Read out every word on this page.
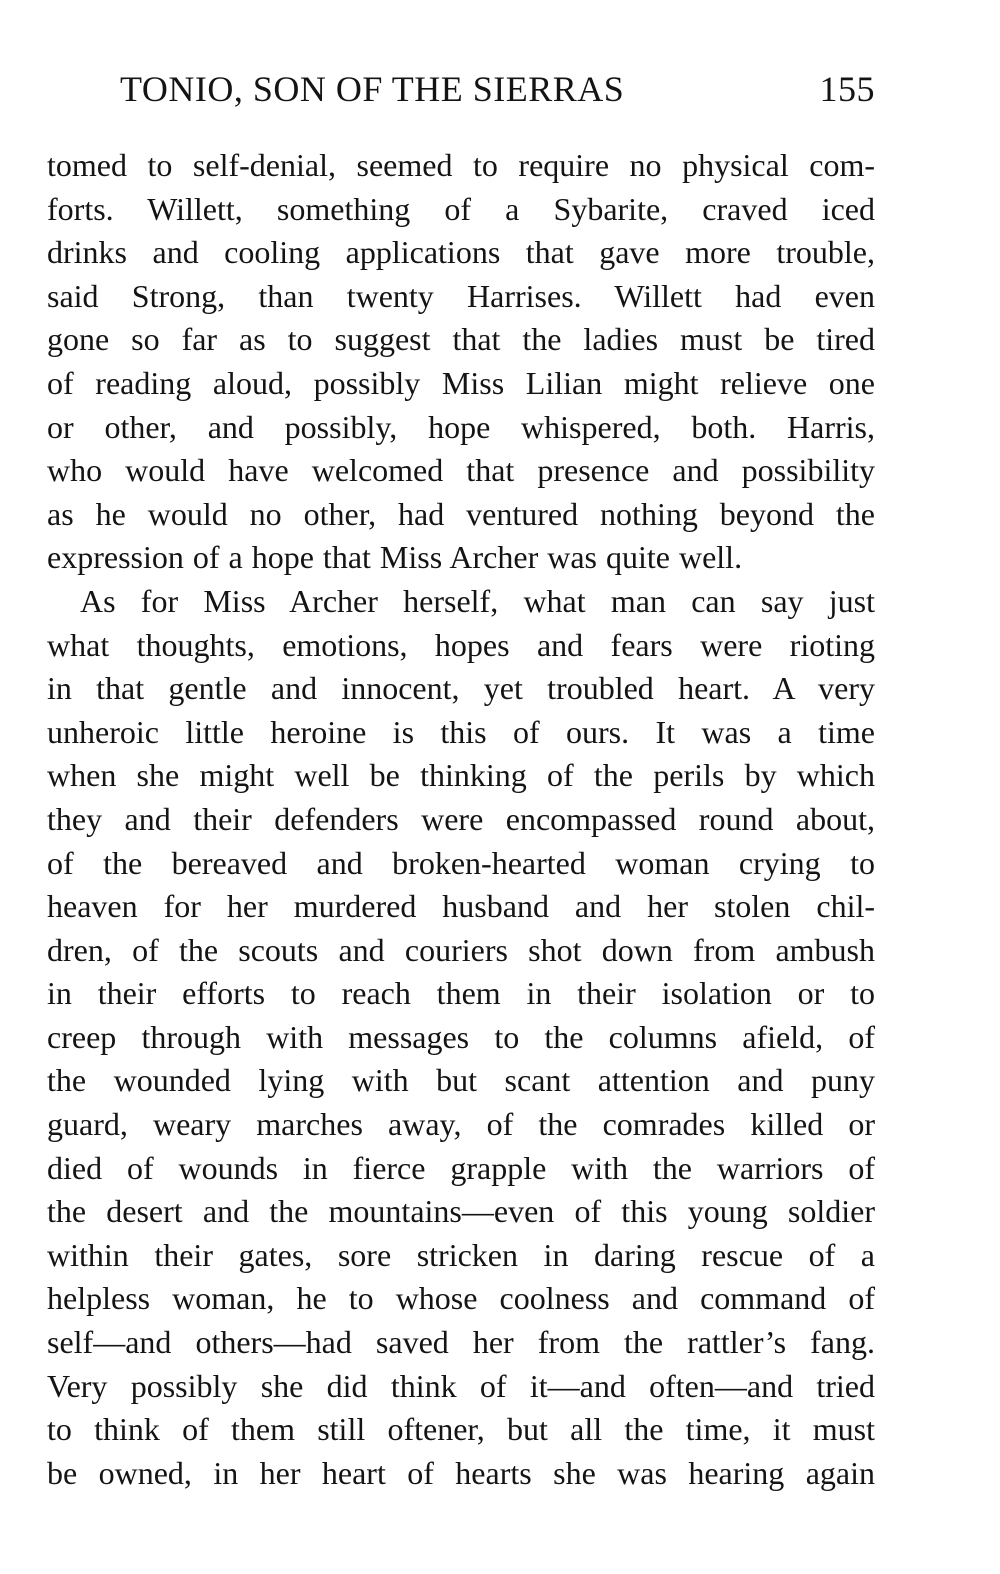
TONIO, SON OF THE SIERRAS	155
tomed to self-denial, seemed to require no physical com-
forts. Willett, something of a Sybarite, craved iced
drinks and cooling applications that gave more trouble,
said Strong, than twenty Harrises. Willett had even
gone so far as to suggest that the ladies must be tired
of reading aloud, possibly Miss Lilian might relieve one
or other, and possibly, hope whispered, both. Harris,
who would have welcomed that presence and possibility
as he would no other, had ventured nothing beyond the
expression of a hope that Miss Archer was quite well.
As for Miss Archer herself, what man can say just
what thoughts, emotions, hopes and fears were rioting
in that gentle and innocent, yet troubled heart. A very
unheroic little heroine is this of ours. It was a time
when she might well be thinking of the perils by which
they and their defenders were encompassed round about,
of the bereaved and broken-hearted woman crying to
heaven for her murdered husband and her stolen chil-
dren, of the scouts and couriers shot down from ambush
in their efforts to reach them in their isolation or to
creep through with messages to the columns afield, of
the wounded lying with but scant attention and puny
guard, weary marches away, of the comrades killed or
died of wounds in fierce grapple with the warriors of
the desert and the mountains—even of this young soldier
within their gates, sore stricken in daring rescue of a
helpless woman, he to whose coolness and command of
self—and others—had saved her from the rattler’s fang.
Very possibly she did think of it—and often—and tried
to think of them still oftener, but all the time, it must
be owned, in her heart of hearts she was hearing again
